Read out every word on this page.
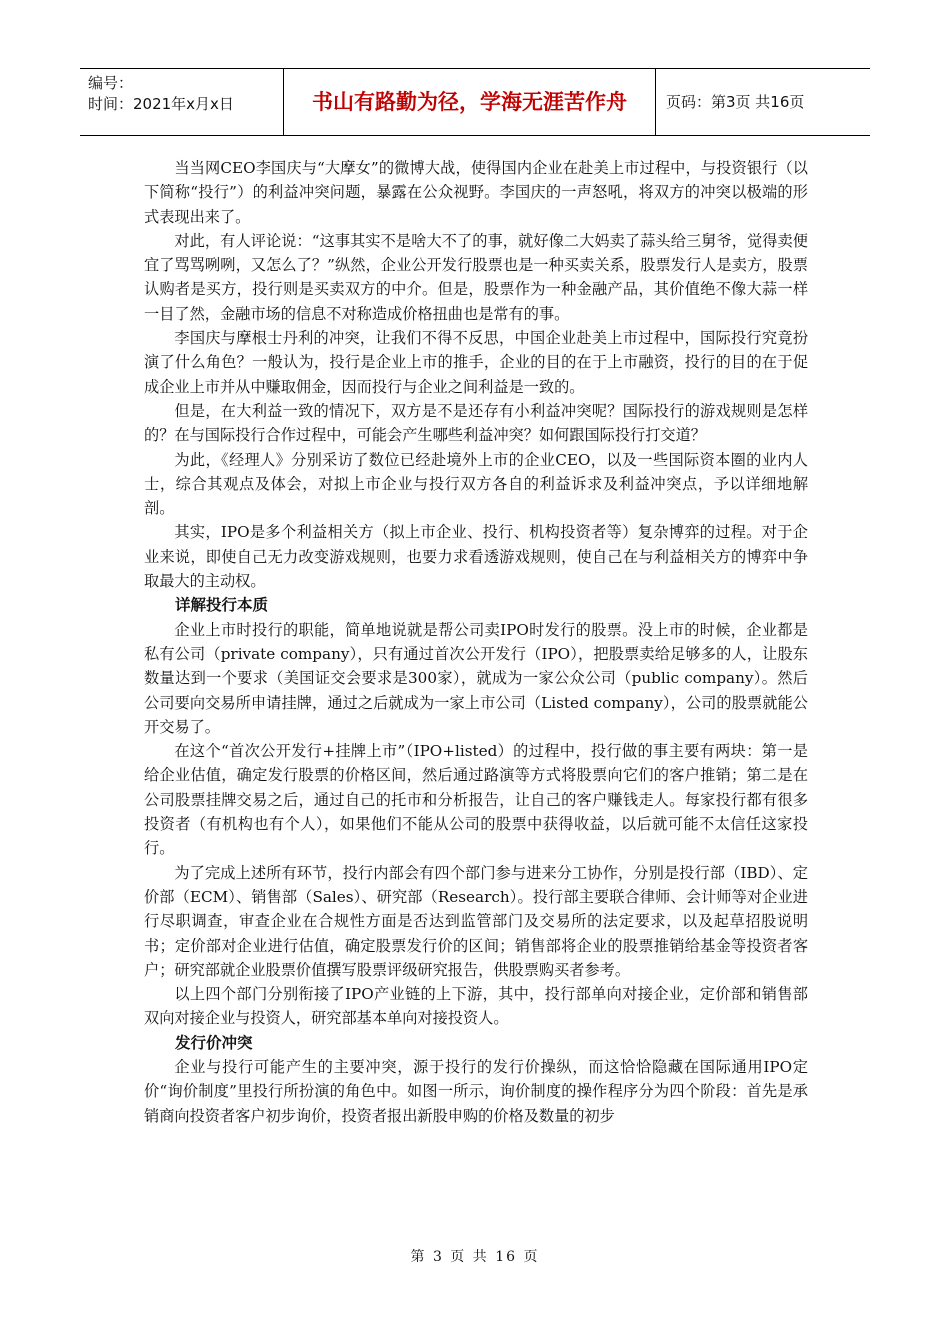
编号：
时间：2021年x月x日	书山有路勤为径，学海无涯苦作舟	页码：第3页 共16页

当当网CEO李国庆与“大摩女”的微博大战，使得国内企业在赴美上市过程中，与投资银行（以下简称“投行”）的利益冲突问题，暴露在公众视野。李国庆的一声怒吼，将双方的冲突以极端的形式表现出来了。

对此，有人评论说：“这事其实不是啥大不了的事，就好像二大妈卖了蒜头给三舅爷，觉得卖便宜了骂骂咧咧，又怎么了？”纵然，企业公开发行股票也是一种买卖关系，股票发行人是卖方，股票认购者是买方，投行则是买卖双方的中介。但是，股票作为一种金融产品，其价值绝不像大蒜一样一目了然，金融市场的信息不对称造成价格扭曲也是常有的事。

李国庆与摩根士丹利的冲突，让我们不得不反思，中国企业赴美上市过程中，国际投行究竟扮演了什么角色？一般认为，投行是企业上市的推手，企业的目的在于上市融资，投行的目的在于促成企业上市并从中赚取佣金，因而投行与企业之间利益是一致的。

但是，在大利益一致的情况下，双方是不是还存有小利益冲突呢？国际投行的游戏规则是怎样的？在与国际投行合作过程中，可能会产生哪些利益冲突？如何跟国际投行打交道？

为此，《经理人》分别采访了数位已经赴境外上市的企业CEO，以及一些国际资本圈的业内人士，综合其观点及体会，对拟上市企业与投行双方各自的利益诉求及利益冲突点，予以详细地解剖。

其实，IPO是多个利益相关方（拟上市企业、投行、机构投资者等）复杂博弈的过程。对于企业来说，即使自己无力改变游戏规则，也要力求看透游戏规则，使自己在与利益相关方的博弈中争取最大的主动权。

详解投行本质

企业上市时投行的职能，简单地说就是帮公司卖IPO时发行的股票。没上市的时候，企业都是私有公司（private company），只有通过首次公开发行（IPO），把股票卖给足够多的人，让股东数量达到一个要求（美国证交会要求是300家），就成为一家公众公司（public company）。然后公司要向交易所申请挂牌，通过之后就成为一家上市公司（Listed company），公司的股票就能公开交易了。

在这个“首次公开发行+挂牌上市”（IPO+listed）的过程中，投行做的事主要有两块：第一是给企业估值，确定发行股票的价格区间，然后通过路演等方式将股票向它们的客户推销；第二是在公司股票挂牌交易之后，通过自己的托市和分析报告，让自己的客户赚钱走人。每家投行都有很多投资者（有机构也有个人），如果他们不能从公司的股票中获得收益，以后就可能不太信任这家投行。

为了完成上述所有环节，投行内部会有四个部门参与进来分工协作，分别是投行部（IBD）、定价部（ECM）、销售部（Sales）、研究部（Research）。投行部主要联合律师、会计师等对企业进行尽职调查，审查企业在合规性方面是否达到监管部门及交易所的法定要求，以及起草招股说明书；定价部对企业进行估值，确定股票发行价的区间；销售部将企业的股票推销给基金等投资者客户；研究部就企业股票价值撰写股票评级研究报告，供股票购买者参考。

以上四个部门分别衔接了IPO产业链的上下游，其中，投行部单向对接企业，定价部和销售部双向对接企业与投资人，研究部基本单向对接投资人。

发行价冲突

企业与投行可能产生的主要冲突，源于投行的发行价操纵，而这恰恰隐藏在国际通用IPO定价“询价制度”里投行所扮演的角色中。如图一所示，询价制度的操作程序分为四个阶段：首先是承销商向投资者客户初步询价，投资者报出新股申购的价格及数量的初步

第 3 页 共 16 页
